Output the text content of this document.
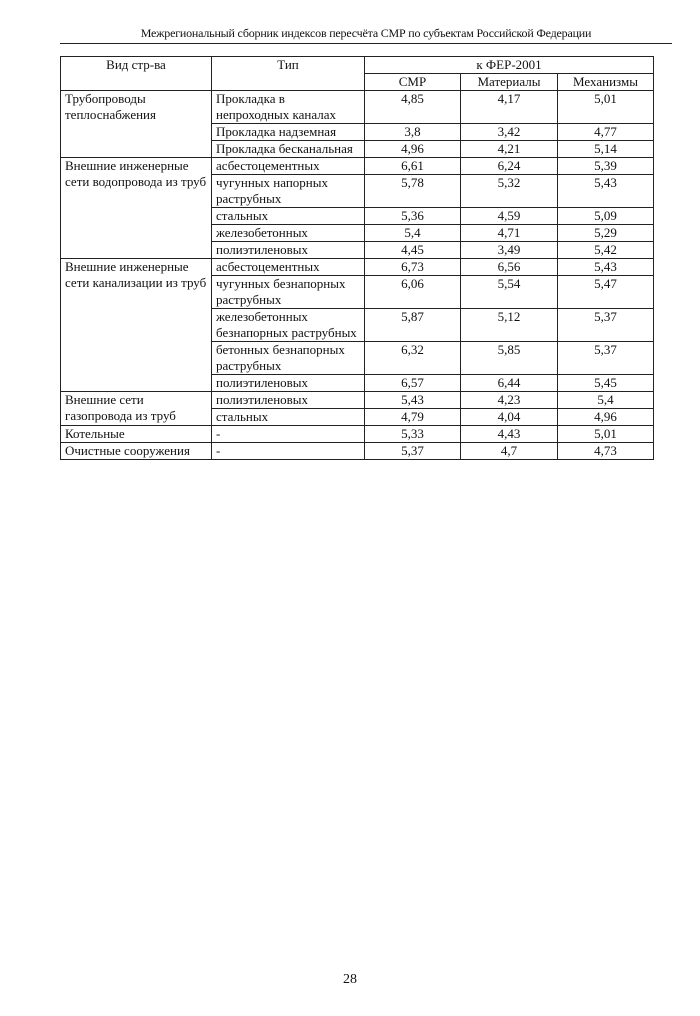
Межрегиональный сборник индексов пересчёта СМР по субъектам Российской Федерации
Вид стр-ва	Тип	к ФЕР-2001		
		СМР	Материалы	Механизмы
Трубопроводы теплоснабжения	Прокладка в непроходных каналах	4,85	4,17	5,01
	Прокладка надземная	3,8	3,42	4,77
	Прокладка бесканальная	4,96	4,21	5,14
Внешние инженерные сети водопровода из труб	асбестоцементных	6,61	6,24	5,39
	чугунных напорных раструбных	5,78	5,32	5,43
	стальных	5,36	4,59	5,09
	железобетонных	5,4	4,71	5,29
	полиэтиленовых	4,45	3,49	5,42
Внешние инженерные сети канализации из труб	асбестоцементных	6,73	6,56	5,43
	чугунных безнапорных раструбных	6,06	5,54	5,47
	железобетонных безнапорных раструбных	5,87	5,12	5,37
	бетонных безнапорных раструбных	6,32	5,85	5,37
	полиэтиленовых	6,57	6,44	5,45
Внешние сети газопровода из труб	полиэтиленовых	5,43	4,23	5,4
	стальных	4,79	4,04	4,96
Котельные	-	5,33	4,43	5,01
Очистные сооружения	-	5,37	4,7	4,73
28
